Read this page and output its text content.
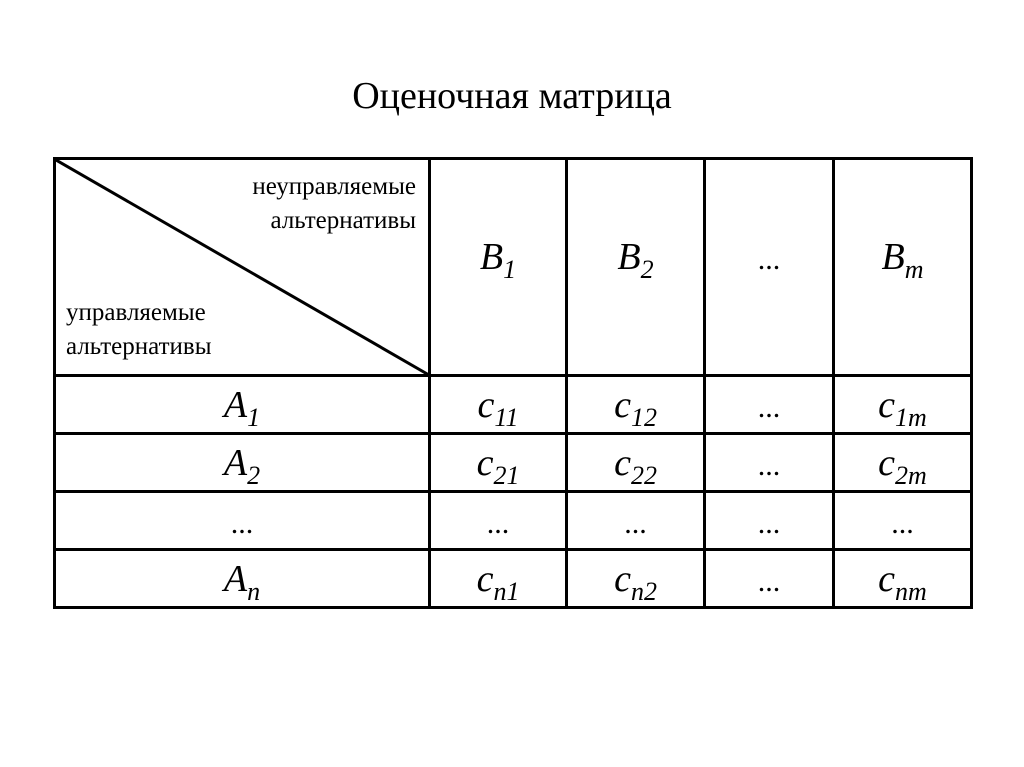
Оценочная матрица
неуправляемые
альтернативы
управляемые
альтернативы	$B_1$	$B_2$	...	$B_m$
$A_1$	$c_{11}$	$c_{12}$	...	$c_{1m}$
$A_2$	$c_{21}$	$c_{22}$	...	$c_{2m}$
...	...	...	...	...
$A_n$	$c_{n1}$	$c_{n2}$	...	$c_{nm}$
